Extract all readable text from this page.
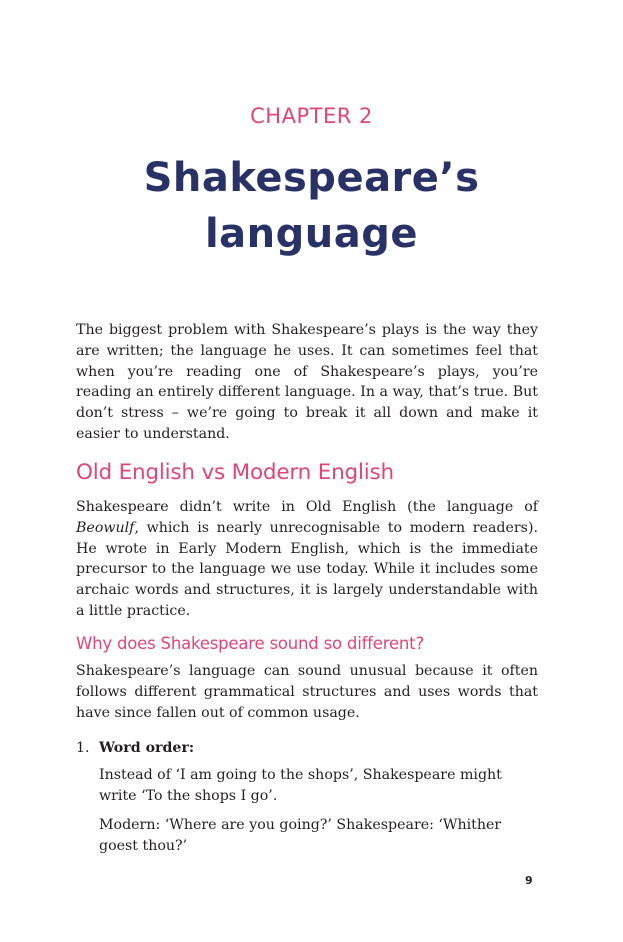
CHAPTER 2
Shakespeare’s
language

The biggest problem with Shakespeare’s plays is the way they are written; the language he uses. It can sometimes feel that when you’re reading one of Shakespeare’s plays, you’re reading an entirely different language. In a way, that’s true. But don’t stress – we’re going to break it all down and make it easier to understand.

Old English vs Modern English

Shakespeare didn’t write in Old English (the language of Beowulf, which is nearly unrecognisable to modern readers). He wrote in Early Modern English, which is the immediate precursor to the language we use today. While it includes some archaic words and structures, it is largely understandable with a little practice.

Why does Shakespeare sound so different?

Shakespeare’s language can sound unusual because it often follows different grammatical structures and uses words that have since fallen out of common usage.

1. Word order:

Instead of ‘I am going to the shops’, Shakespeare might write ‘To the shops I go’.

Modern: ‘Where are you going?’ Shakespeare: ‘Whither goest thou?’

9
